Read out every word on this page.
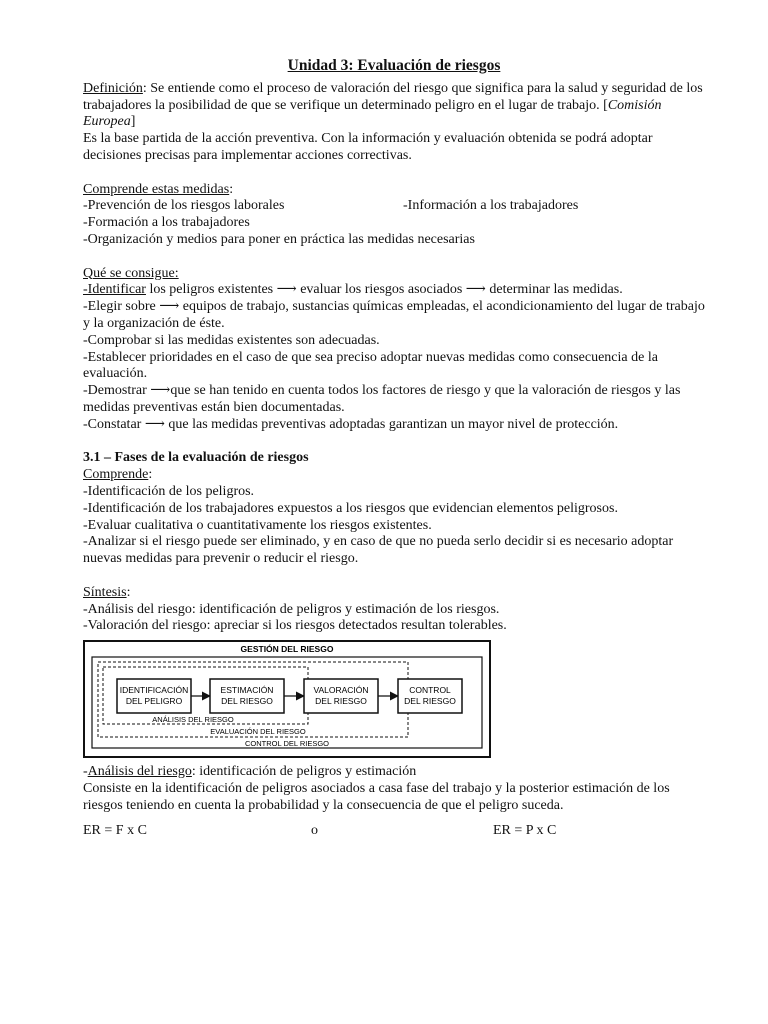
Unidad 3: Evaluación de riesgos

Definición: Se entiende como el proceso de valoración del riesgo que significa para la salud y seguridad de los trabajadores la posibilidad de que se verifique un determinado peligro en el lugar de trabajo. [Comisión Europea]

Es la base partida de la acción preventiva. Con la información y evaluación obtenida se podrá adoptar decisiones precisas para implementar acciones correctivas.

Comprende estas medidas:

-Prevención de los riesgos laborales	-Información a los trabajadores

-Formación a los trabajadores

-Organización y medios para poner en práctica las medidas necesarias

Qué se consigue:

-Identificar los peligros existentes ⟶ evaluar los riesgos asociados ⟶ determinar las medidas.

-Elegir sobre ⟶ equipos de trabajo, sustancias químicas empleadas, el acondicionamiento del lugar de trabajo y la organización de éste.

-Comprobar si las medidas existentes son adecuadas.

-Establecer prioridades en el caso de que sea preciso adoptar nuevas medidas como consecuencia de la evaluación.

-Demostrar ⟶que se han tenido en cuenta todos los factores de riesgo y que la valoración de riesgos y las medidas preventivas están bien documentadas.

-Constatar ⟶ que las medidas preventivas adoptadas garantizan un mayor nivel de protección.

3.1 – Fases de la evaluación de riesgos

Comprende:

-Identificación de los peligros.

-Identificación de los trabajadores expuestos a los riesgos que evidencian elementos peligrosos.

-Evaluar cualitativa o cuantitativamente los riesgos existentes.

-Analizar si el riesgo puede ser eliminado, y en caso de que no pueda serlo decidir si es necesario adoptar nuevas medidas para prevenir o reducir el riesgo.

Síntesis:

-Análisis del riesgo: identificación de peligros y estimación de los riesgos.

-Valoración del riesgo: apreciar si los riesgos detectados resultan tolerables.

GESTIÓN DEL RIESGO
IDENTIFICACIÓN
DEL PELIGRO
ESTIMACIÓN
DEL RIESGO
VALORACIÓN
DEL RIESGO
CONTROL
DEL RIESGO
ANÁLISIS DEL RIESGO
EVALUACIÓN DEL RIESGO
CONTROL DEL RIESGO

-Análisis del riesgo: identificación de peligros y estimación

Consiste en la identificación de peligros asociados a casa fase del trabajo y la posterior estimación de los riesgos teniendo en cuenta la probabilidad y la consecuencia de que el peligro suceda.

ER = F x C	o	ER = P x C
